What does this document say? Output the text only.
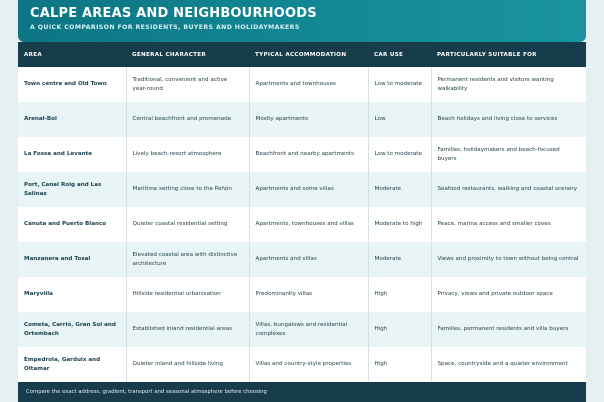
CALPE AREAS AND NEIGHBOURHOODS
A QUICK COMPARISON FOR RESIDENTS, BUYERS AND HOLIDAYMAKERS
AREA	GENERAL CHARACTER	TYPICAL ACCOMMODATION	CAR USE	PARTICULARLY SUITABLE FOR
Town centre and Old Town	Traditional, convenient and active year-round	Apartments and townhouses	Low to moderate	Permanent residents and visitors wanting walkability
Arenal-Bol	Central beachfront and promenade	Mostly apartments	Low	Beach holidays and living close to services
La Fossa and Levante	Lively beach-resort atmosphere	Beachfront and nearby apartments	Low to moderate	Families, holidaymakers and beach-focused buyers
Port, Canal Roig and Las Salinas	Maritime setting close to the Peñón	Apartments and some villas	Moderate	Seafood restaurants, walking and coastal scenery
Canuta and Puerto Blanco	Quieter coastal residential setting	Apartments, townhouses and villas	Moderate to high	Peace, marina access and smaller coves
Manzanera and Tosal	Elevated coastal area with distinctive architecture	Apartments and villas	Moderate	Views and proximity to town without being central
Maryvilla	Hillside residential urbanisation	Predominantly villas	High	Privacy, views and private outdoor space
Cometa, Carrió, Gran Sol and Ortembach	Established inland residential areas	Villas, bungalows and residential complexes	High	Families, permanent residents and villa buyers
Empedrola, Garduix and Oltamar	Quieter inland and hillside living	Villas and country-style properties	High	Space, countryside and a quieter environment
Compare the exact address, gradient, transport and seasonal atmosphere before choosing
